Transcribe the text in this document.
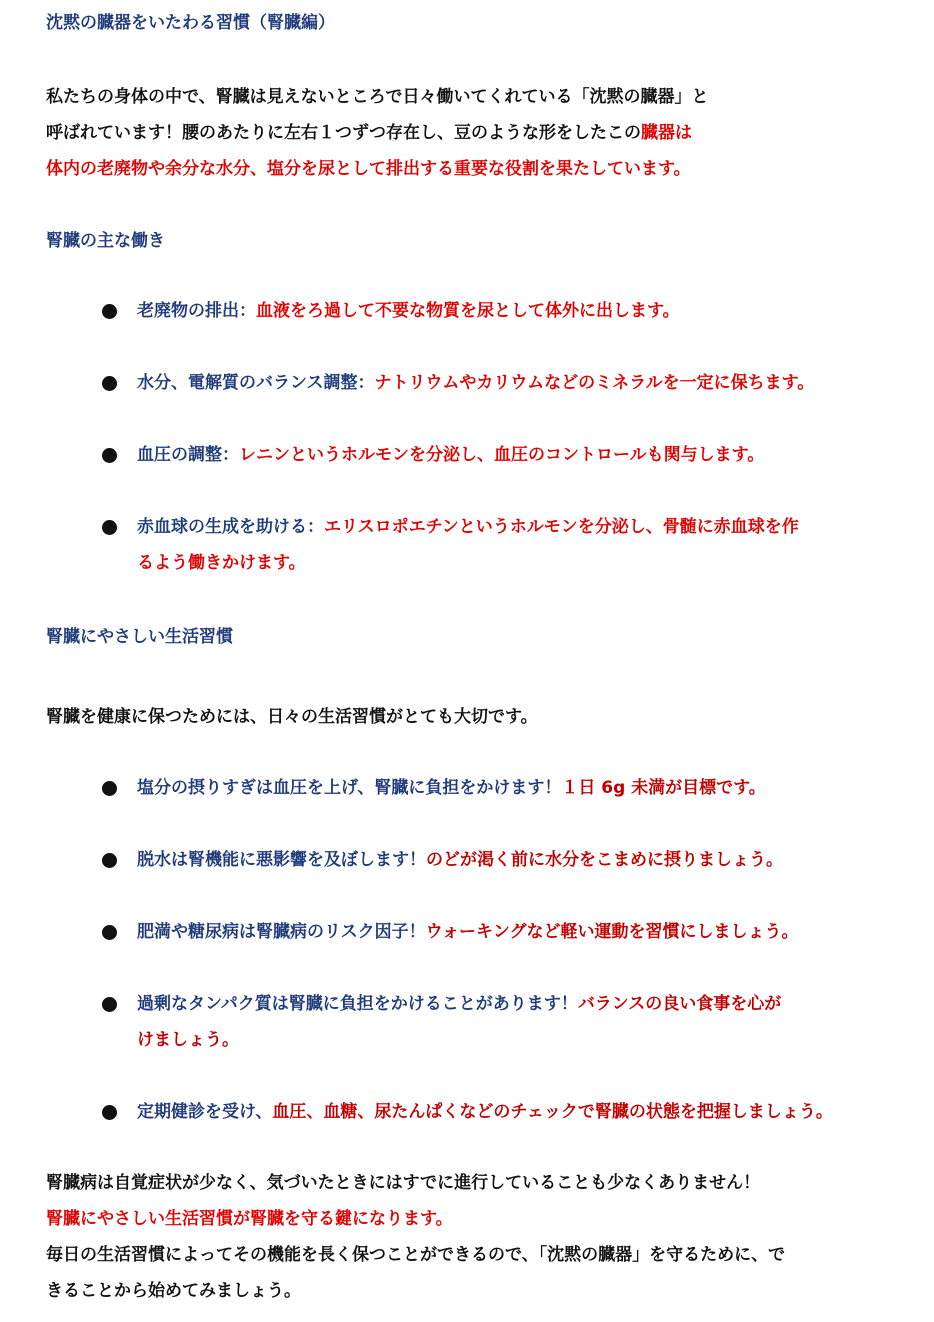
沈黙の臓器をいたわる習慣（腎臓編）
私たちの身体の中で、腎臓は見えないところで日々働いてくれている「沈黙の臓器」と
呼ばれています！腰のあたりに左右１つずつ存在し、豆のような形をしたこの臓器は
体内の老廃物や余分な水分、塩分を尿として排出する重要な役割を果たしています。
腎臓の主な働き
老廃物の排出：血液をろ過して不要な物質を尿として体外に出します。
水分、電解質のバランス調整：ナトリウムやカリウムなどのミネラルを一定に保ちます。
血圧の調整：レニンというホルモンを分泌し、血圧のコントロールも関与します。
赤血球の生成を助ける：エリスロポエチンというホルモンを分泌し、骨髄に赤血球を作
るよう働きかけます。
腎臓にやさしい生活習慣
腎臓を健康に保つためには、日々の生活習慣がとても大切です。
塩分の摂りすぎは血圧を上げ、腎臓に負担をかけます！１日 6g 未満が目標です。
脱水は腎機能に悪影響を及ぼします！のどが渇く前に水分をこまめに摂りましょう。
肥満や糖尿病は腎臓病のリスク因子！ウォーキングなど軽い運動を習慣にしましょう。
過剰なタンパク質は腎臓に負担をかけることがあります！バランスの良い食事を心が
けましょう。
定期健診を受け、血圧、血糖、尿たんぱくなどのチェックで腎臓の状態を把握しましょう。
腎臓病は自覚症状が少なく、気づいたときにはすでに進行していることも少なくありません！
腎臓にやさしい生活習慣が腎臓を守る鍵になります。
毎日の生活習慣によってその機能を長く保つことができるので、「沈黙の臓器」を守るために、で
きることから始めてみましょう。
